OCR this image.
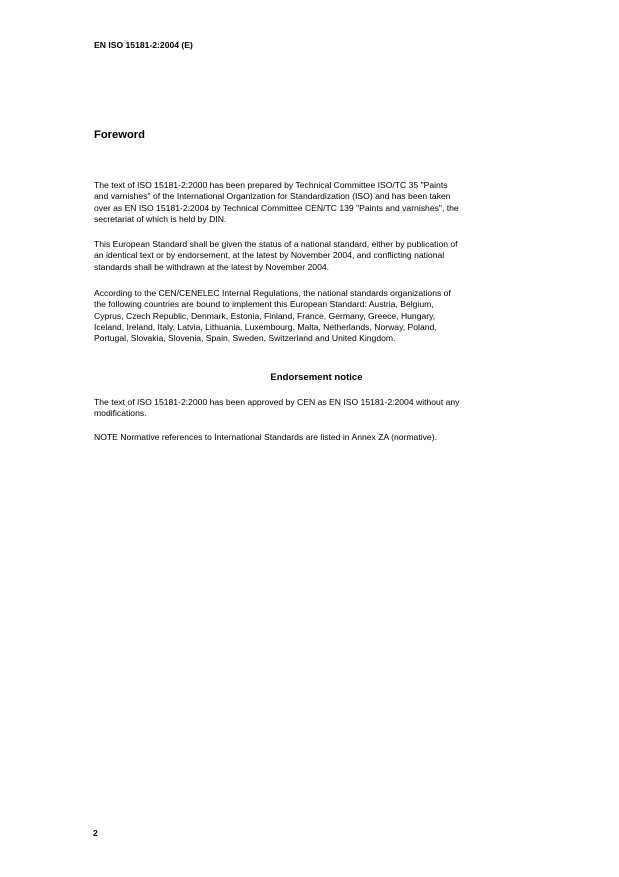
EN ISO 15181-2:2004 (E)
Foreword

The text of ISO 15181-2:2000 has been prepared by Technical Committee ISO/TC 35 "Paints
and varnishes" of the International Organization for Standardization (ISO) and has been taken
over as EN ISO 15181-2:2004 by Technical Committee CEN/TC 139 "Paints and varnishes", the
secretariat of which is held by DIN.

This European Standard shall be given the status of a national standard, either by publication of
an identical text or by endorsement, at the latest by November 2004, and conflicting national
standards shall be withdrawn at the latest by November 2004.

According to the CEN/CENELEC Internal Regulations, the national standards organizations of
the following countries are bound to implement this European Standard: Austria, Belgium,
Cyprus, Czech Republic, Denmark, Estonia, Finland, France, Germany, Greece, Hungary,
Iceland, Ireland, Italy, Latvia, Lithuania, Luxembourg, Malta, Netherlands, Norway, Poland,
Portugal, Slovakia, Slovenia, Spain, Sweden, Switzerland and United Kingdom.

Endorsement notice

The text of ISO 15181-2:2000 has been approved by CEN as EN ISO 15181-2:2004 without any
modifications.

NOTE Normative references to International Standards are listed in Annex ZA (normative).

2
